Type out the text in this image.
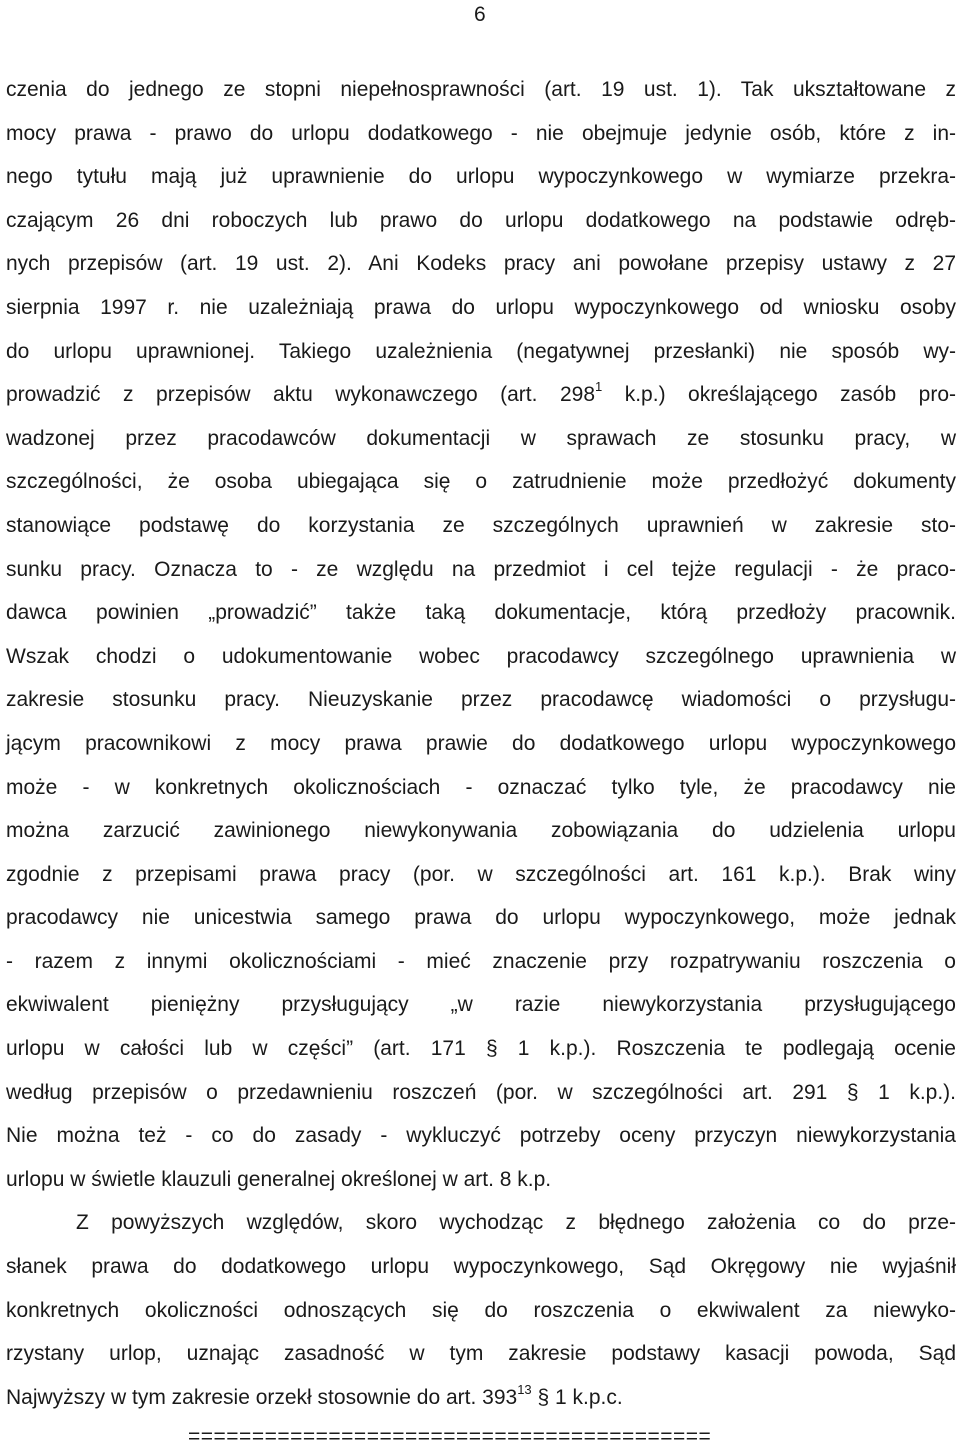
6
czenia do jednego ze stopni niepełnosprawności (art. 19 ust. 1). Tak ukształtowane z
mocy prawa - prawo do urlopu dodatkowego - nie obejmuje jedynie osób, które z in-
nego tytułu mają już uprawnienie do urlopu wypoczynkowego w wymiarze przekra-
czającym 26 dni roboczych lub prawo do urlopu dodatkowego na podstawie odręb-
nych przepisów (art. 19 ust. 2). Ani Kodeks pracy ani powołane przepisy ustawy z 27
sierpnia 1997 r. nie uzależniają prawa do urlopu wypoczynkowego od wniosku osoby
do urlopu uprawnionej. Takiego uzależnienia (negatywnej przesłanki) nie sposób wy-
prowadzić z przepisów aktu wykonawczego (art. $298^1$ k.p.) określającego zasób pro-
wadzonej przez pracodawców dokumentacji w sprawach ze stosunku pracy, w
szczególności, że osoba ubiegająca się o zatrudnienie może przedłożyć dokumenty
stanowiące podstawę do korzystania ze szczególnych uprawnień w zakresie sto-
sunku pracy. Oznacza to - ze względu na przedmiot i cel tejże regulacji - że praco-
dawca powinien „prowadzić” także taką dokumentacje, którą przedłoży pracownik.
Wszak chodzi o udokumentowanie wobec pracodawcy szczególnego uprawnienia w
zakresie stosunku pracy. Nieuzyskanie przez pracodawcę wiadomości o przysługu-
jącym pracownikowi z mocy prawa prawie do dodatkowego urlopu wypoczynkowego
może - w konkretnych okolicznościach - oznaczać tylko tyle, że pracodawcy nie
można zarzucić zawinionego niewykonywania zobowiązania do udzielenia urlopu
zgodnie z przepisami prawa pracy (por. w szczególności art. 161 k.p.). Brak winy
pracodawcy nie unicestwia samego prawa do urlopu wypoczynkowego, może jednak
- razem z innymi okolicznościami - mieć znaczenie przy rozpatrywaniu roszczenia o
ekwiwalent pieniężny przysługujący „w razie niewykorzystania przysługującego
urlopu w całości lub w części” (art. 171 § 1 k.p.). Roszczenia te podlegają ocenie
według przepisów o przedawnieniu roszczeń (por. w szczególności art. 291 § 1 k.p.).
Nie można też - co do zasady - wykluczyć potrzeby oceny przyczyn niewykorzystania
urlopu w świetle klauzuli generalnej określonej w art. 8 k.p.
Z powyższych względów, skoro wychodząc z błędnego założenia co do prze-
słanek prawa do dodatkowego urlopu wypoczynkowego, Sąd Okręgowy nie wyjaśnił
konkretnych okoliczności odnoszących się do roszczenia o ekwiwalent za niewyko-
rzystany urlop, uznając zasadność w tym zakresie podstawy kasacji powoda, Sąd
Najwyższy w tym zakresie orzekł stosownie do art. $393^{13}$ § 1 k.p.c.
=========================================
